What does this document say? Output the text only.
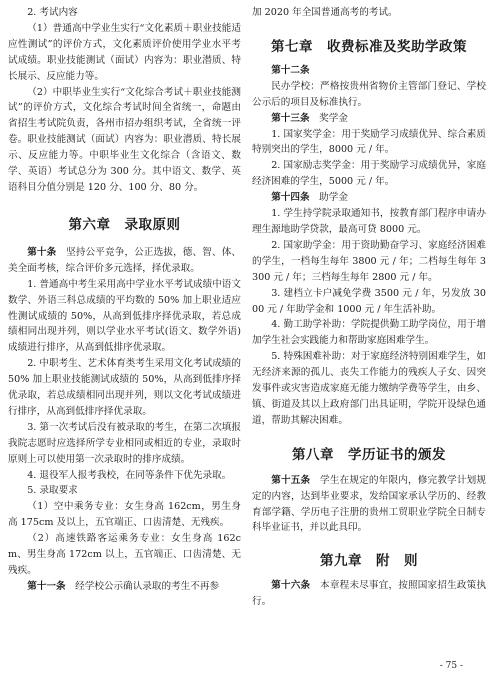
2. 考试内容

（1）普通高中学业生实行“文化素质＋职业技能适应性测试”的评价方式，文化素质评价使用学业水平考试成绩。职业技能测试（面试）内容为：职业潜质、特长展示、反应能力等。

（2）中职毕业生实行“文化综合考试＋职业技能测试”的评价方式，文化综合考试时间全省统一，命题由省招生考试院负责，各州市招办组织考试，全省统一评卷。职业技能测试（面试）内容为：职业潜质、特长展示、反应能力等。中职毕业生文化综合（含语文、数学、英语）考试总分为 300 分。其中语文、数学、英语科目分值分别是 120 分、100 分、80 分。

第六章　录取原则

第十条　坚持公平竞争，公正选拔，德、智、体、美全面考核，综合评价多元选择，择优录取。

1. 普通高中考生采用高中学业水平考试成绩中语文数学、外语三科总成绩的平均数的 50% 加上职业适应性测试成绩的 50%，从高到低排序择优录取，若总成绩相同出现并列，则以学业水平考试(语文、数学外语)成绩进行排序，从高到低排序优录取。

2. 中职考生、艺术体育类考生采用文化考试成绩的 50% 加上职业技能测试成绩的 50%，从高到低排序择优录取，若总成绩相同出现并列，则以文化考试成绩进行排序，从高到低排序择优录取。

3. 第一次考试后没有被录取的考生，在第二次填报我院志愿时应选择所学专业相同或相近的专业，录取时原则上可以使用第一次录取时的排序成绩。

4. 退役军人报考我校，在同等条件下优先录取。

5. 录取要求

（1）空中乘务专业：女生身高 162cm，男生身高 175cm 及以上，五官端正、口齿清楚、无残疾。

（2）高速铁路客运乘务专业：女生身高 162cm、男生身高 172cm 以上，五官端正、口齿清楚、无残疾。

第十一条　经学校公示确认录取的考生不再参

加 2020 年全国普通高考的考试。

第七章　收费标准及奖助学政策

第十二条

民办学校：严格按贵州省物价主管部门登记、学校公示后的项目及标准执行。

第十三条　奖学金

1. 国家奖学金：用于奖励学习成绩优异、综合素质特别突出的学生，8000 元 / 年。

2. 国家励志奖学金：用于奖励学习成绩优异，家庭经济困难的学生，5000 元 / 年。

第十四条　助学金

1. 学生持学院录取通知书，按教育部门程序申请办理生源地助学贷款，最高可贷 8000 元。

2. 国家助学金：用于资助勤奋学习、家庭经济困难的学生，一档每生每年 3800 元 / 年；二档每生每年 3300 元 / 年；三档每生每年 2800 元 / 年。

3. 建档立卡户减免学费 3500 元 / 年，另发放 3000 元 / 年助学金和 1000 元 / 年生活补助。

4. 勤工助学补助：学院提供勤工助学岗位，用于增加学生社会实践能力和帮助家庭困难学生。

5. 特殊困难补助：对于家庭经济特别困难学生，如无经济来源的孤儿、丧失工作能力的残疾人子女、因突发事件或灾害造成家庭无能力缴纳学费等学生，由乡、镇、街道及其以上政府部门出具证明，学院开设绿色通道，帮助其解决困难。

第八章　学历证书的颁发

第十五条　学生在规定的年限内，修完教学计划规定的内容，达到毕业要求，发给国家承认学历的、经教育部学籍、学历电子注册的贵州工贸职业学院全日制专科毕业证书，并以此具印。

第九章　附　则

第十六条　本章程未尽事宜，按照国家招生政策执行。

- 75 -
